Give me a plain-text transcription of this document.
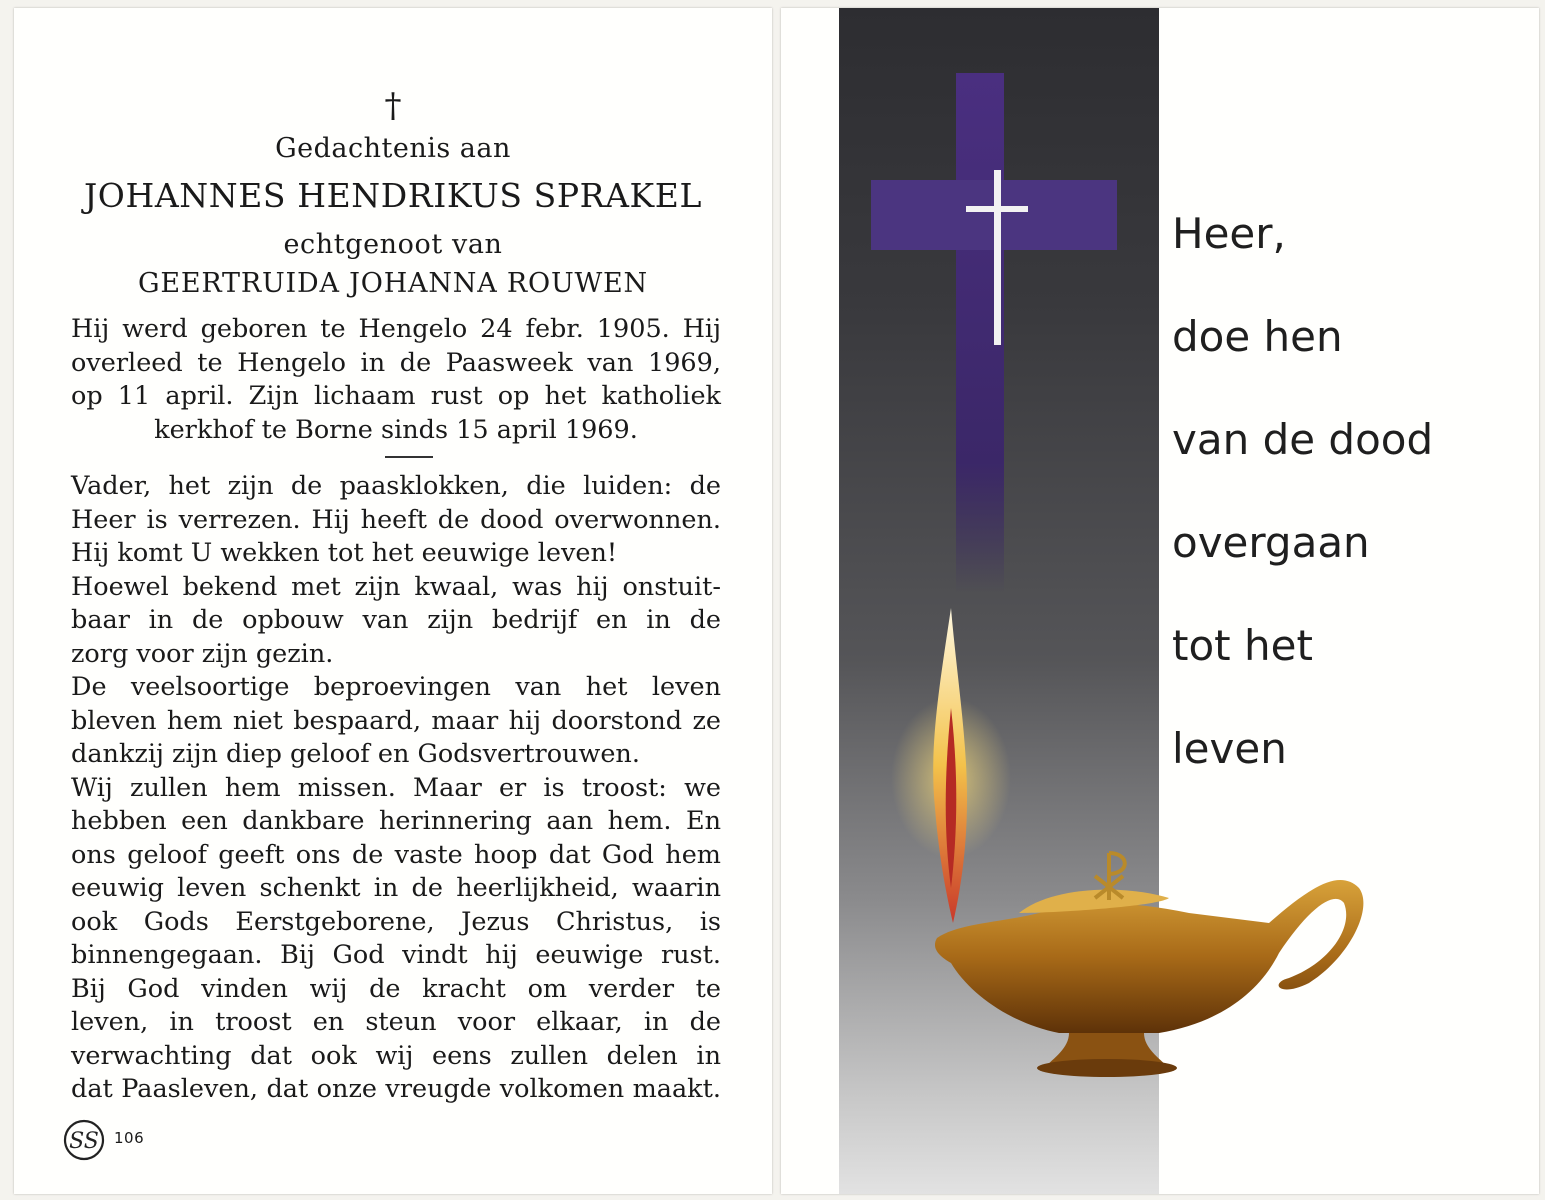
†
Gedachtenis aan
JOHANNES HENDRIKUS SPRAKEL
echtgenoot van
GEERTRUIDA JOHANNA ROUWEN
Hij werd geboren te Hengelo 24 febr. 1905. Hij
overleed te Hengelo in de Paasweek van 1969,
op 11 april. Zijn lichaam rust op het katholiek
kerkhof te Borne sinds 15 april 1969.
Vader, het zijn de paasklokken, die luiden: de
Heer is verrezen. Hij heeft de dood overwonnen.
Hij komt U wekken tot het eeuwige leven!
Hoewel bekend met zijn kwaal, was hij onstuit-
baar in de opbouw van zijn bedrijf en in de
zorg voor zijn gezin.
De veelsoortige beproevingen van het leven
bleven hem niet bespaard, maar hij doorstond ze
dankzij zijn diep geloof en Godsvertrouwen.
Wij zullen hem missen. Maar er is troost: we
hebben een dankbare herinnering aan hem. En
ons geloof geeft ons de vaste hoop dat God hem
eeuwig leven schenkt in de heerlijkheid, waarin
ook Gods Eerstgeborene, Jezus Christus, is
binnengegaan. Bij God vindt hij eeuwige rust.
Bij God vinden wij de kracht om verder te
leven, in troost en steun voor elkaar, in de
verwachting dat ook wij eens zullen delen in
dat Paasleven, dat onze vreugde volkomen maakt.
SS 106
Heer,
doe hen
van de dood
overgaan
tot het
leven
